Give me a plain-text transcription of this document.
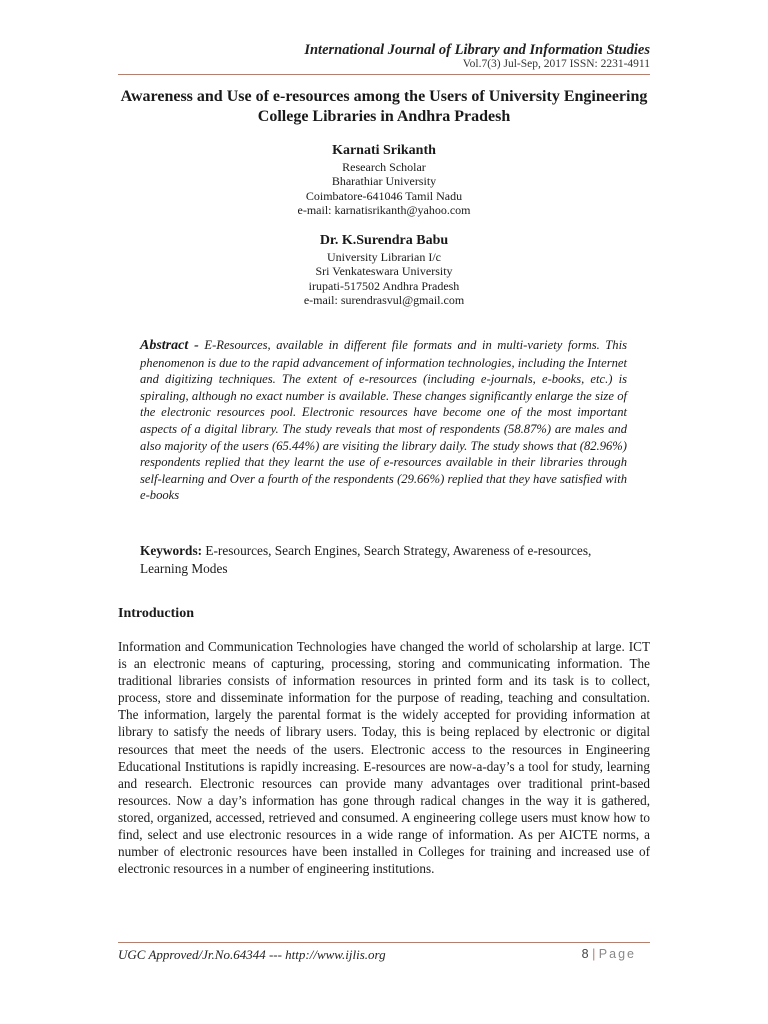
International Journal of Library and Information Studies
Vol.7(3) Jul-Sep, 2017 ISSN: 2231-4911
Awareness and Use of e-resources among the Users of University Engineering College Libraries in Andhra Pradesh
Karnati Srikanth
Research Scholar
Bharathiar University
Coimbatore-641046 Tamil Nadu
e-mail: karnatisrikanth@yahoo.com
Dr. K.Surendra Babu
University Librarian I/c
Sri Venkateswara University
irupati-517502 Andhra Pradesh
e-mail: surendrasvul@gmail.com
Abstract - E-Resources, available in different file formats and in multi-variety forms. This phenomenon is due to the rapid advancement of information technologies, including the Internet and digitizing techniques. The extent of e-resources (including e-journals, e-books, etc.) is spiraling, although no exact number is available. These changes significantly enlarge the size of the electronic resources pool. Electronic resources have become one of the most important aspects of a digital library. The study reveals that most of respondents (58.87%) are males and also majority of the users (65.44%) are visiting the library daily. The study shows that (82.96%) respondents replied that they learnt the use of e-resources available in their libraries through self-learning and Over a fourth of the respondents (29.66%) replied that they have satisfied with e-books
Keywords: E-resources, Search Engines, Search Strategy, Awareness of e-resources, Learning Modes
Introduction
Information and Communication Technologies have changed the world of scholarship at large. ICT is an electronic means of capturing, processing, storing and communicating information. The traditional libraries consists of information resources in printed form and its task is to collect, process, store and disseminate information for the purpose of reading, teaching and consultation. The information, largely the parental format is the widely accepted for providing information at library to satisfy the needs of library users. Today, this is being replaced by electronic or digital resources that meet the needs of the users. Electronic access to the resources in Engineering Educational Institutions is rapidly increasing. E-resources are now-a-day’s a tool for study, learning and research. Electronic resources can provide many advantages over traditional print-based resources. Now a day’s information has gone through radical changes in the way it is gathered, stored, organized, accessed, retrieved and consumed. A engineering college users must know how to find, select and use electronic resources in a wide range of information. As per AICTE norms, a number of electronic resources have been installed in Colleges for training and increased use of electronic resources in a number of engineering institutions.
UGC Approved/Jr.No.64344 --- http://www.ijlis.org	8 | Page
